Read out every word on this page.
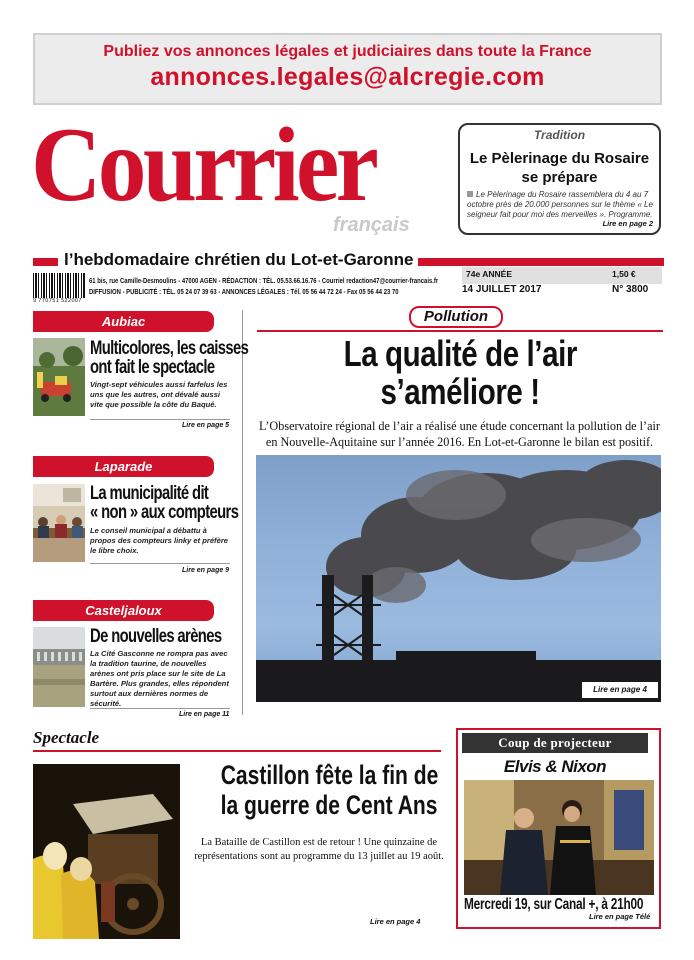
Publiez vos annonces légales et judiciaires dans toute la France
annonces.legales@alcregie.com
Courrier
français
l’hebdomadaire chrétien du Lot-et-Garonne
Tradition
Le Pèlerinage du Rosaire se prépare
Le Pèlerinage du Rosaire rassemblera du 4 au 7 octobre près de 20.000 personnes sur le thème « Le seigneur fait pour moi des merveilles ». Programme.
Lire en page 2
9 770751 522007
61 bis, rue Camille-Desmoulins - 47000 AGEN - RÉDACTION : TÉL. 05.53.66.16.76 - Courriel redaction47@courrier-francais.fr
DIFFUSION - PUBLICITÉ : TÉL. 05 24 07 39 63 - ANNONCES LÉGALES : Tél. 05 56 44 72 24 - Fax 05 56 44 23 70
74e ANNÉE	1,50 €
14 JUILLET 2017	N° 3800
Aubiac
Multicolores, les caisses
ont fait le spectacle
Vingt-sept véhicules aussi farfelus les uns que les autres, ont dévalé aussi vite que possible la côte du Baqué.
Lire en page 5
Laparade
La municipalité dit
« non » aux compteurs
Le conseil municipal a débattu à propos des compteurs linky et préfère le libre choix.
Lire en page 9
Casteljaloux
De nouvelles arènes
La Cité Gasconne ne rompra pas avec la tradition taurine, de nouvelles arènes ont pris place sur le site de La Bartère. Plus grandes, elles répondent surtout aux dernières normes de sécurité.
Lire en page 11
Pollution
La qualité de l’air
s’améliore !
L’Observatoire régional de l’air a réalisé une étude concernant la pollution de l’air en Nouvelle-Aquitaine sur l’année 2016. En Lot-et-Garonne le bilan est positif.
Lire en page 4
Spectacle
Castillon fête la fin de
la guerre de Cent Ans
La Bataille de Castillon est de retour ! Une quinzaine de représentations sont au programme du 13 juillet au 19 août.
Lire en page 4
Coup de projecteur
Elvis & Nixon
Mercredi 19, sur Canal +, à 21h00
Lire en page Télé
